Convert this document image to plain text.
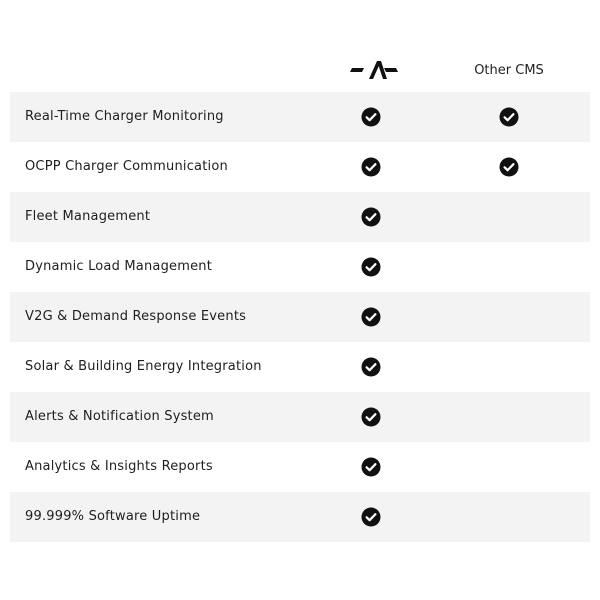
Other CMS
Real-Time Charger Monitoring
OCPP Charger Communication
Fleet Management
Dynamic Load Management
V2G & Demand Response Events
Solar & Building Energy Integration
Alerts & Notification System
Analytics & Insights Reports
99.999% Software Uptime
